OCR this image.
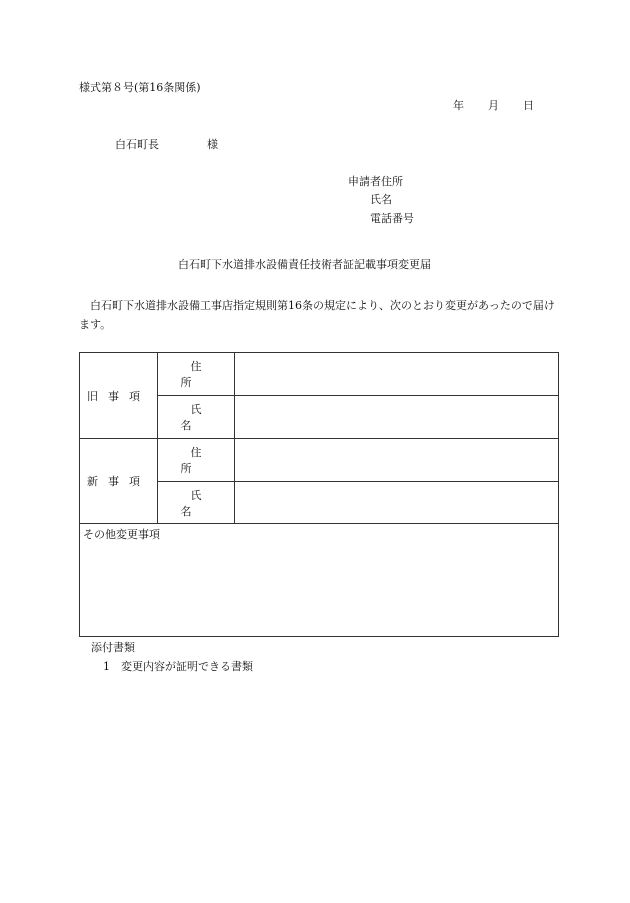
様式第８号(第16条関係)
年 月 日
白石町長	様
申請者住所
氏名
電話番号
白石町下水道排水設備責任技術者証記載事項変更届
白石町下水道排水設備工事店指定規則第16条の規定により、次のとおり変更があったので届けます。
旧事項	住所	
	氏名	
新事項	住所	
	氏名	
その他変更事項		
添付書類
1　変更内容が証明できる書類
